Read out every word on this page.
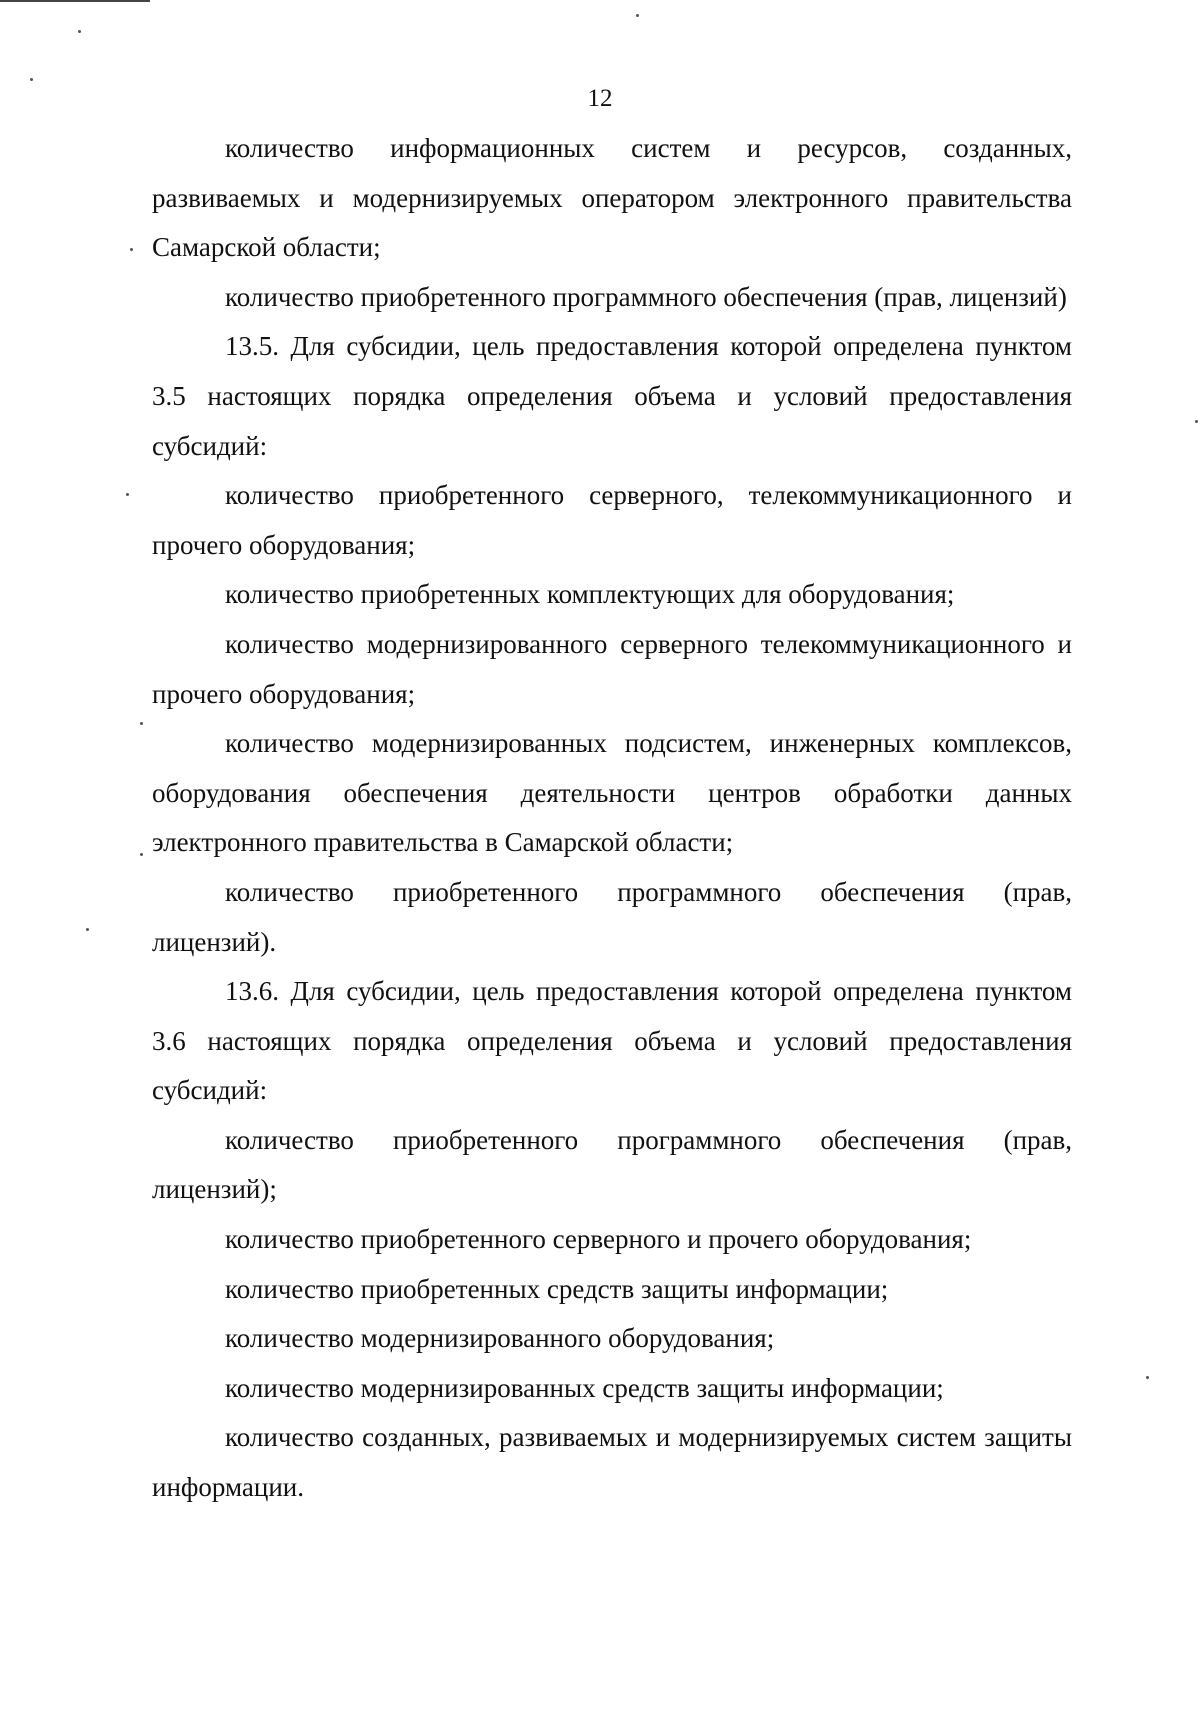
12

количество информационных систем и ресурсов, созданных, развиваемых и модернизируемых оператором электронного правительства Самарской области;

количество приобретенного программного обеспечения (прав, лицензий)

13.5. Для субсидии, цель предоставления которой определена пунктом 3.5 настоящих порядка определения объема и условий предоставления субсидий:

количество приобретенного серверного, телекоммуникационного и прочего оборудования;

количество приобретенных комплектующих для оборудования;

количество модернизированного серверного телекоммуникационного и прочего оборудования;

количество модернизированных подсистем, инженерных комплексов, оборудования обеспечения деятельности центров обработки данных электронного правительства в Самарской области;

количество приобретенного программного обеспечения (прав, лицензий).

13.6. Для субсидии, цель предоставления которой определена пунктом 3.6 настоящих порядка определения объема и условий предоставления субсидий:

количество приобретенного программного обеспечения (прав, лицензий);

количество приобретенного серверного и прочего оборудования;

количество приобретенных средств защиты информации;

количество модернизированного оборудования;

количество модернизированных средств защиты информации;

количество созданных, развиваемых и модернизируемых систем защиты информации.
